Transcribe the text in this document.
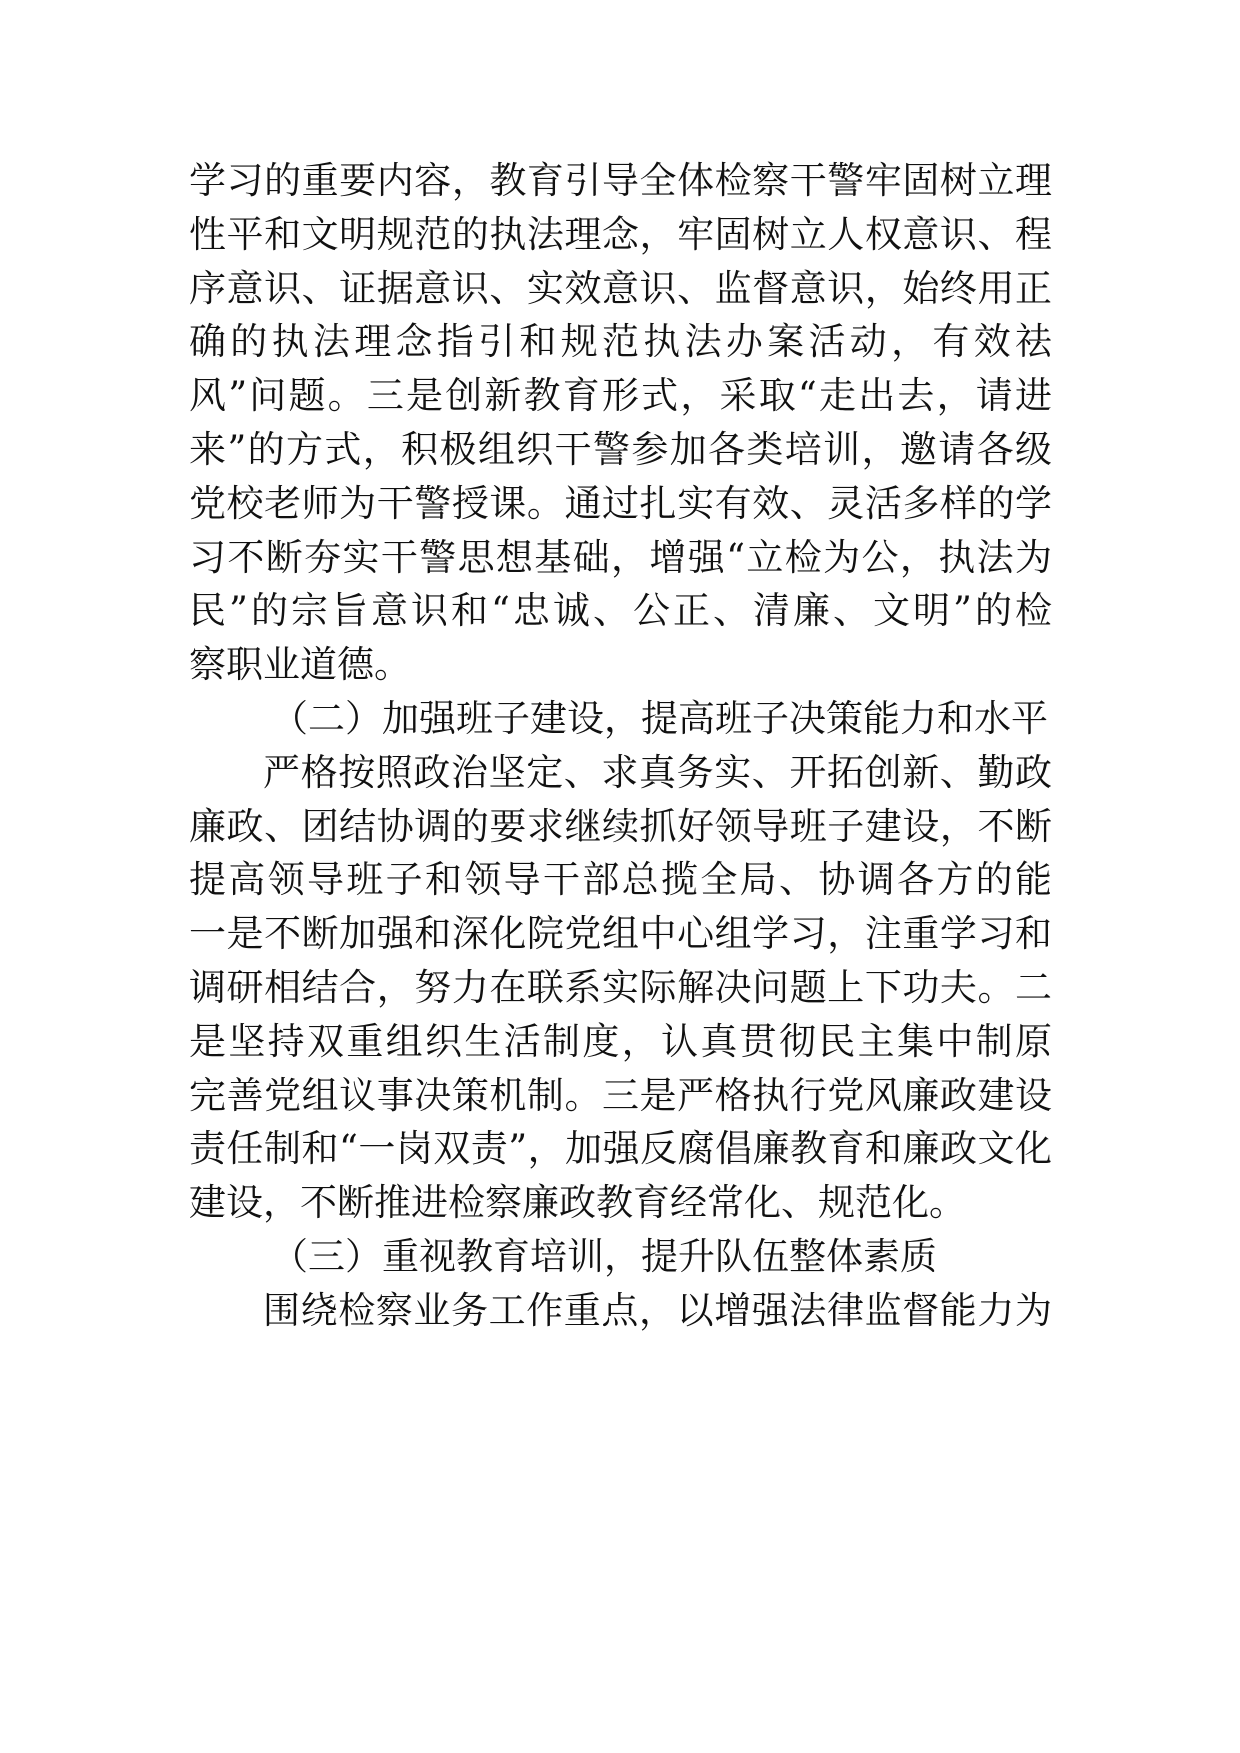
学习的重要内容，教育引导全体检察干警牢固树立理
性平和文明规范的执法理念，牢固树立人权意识、程
序意识、证据意识、实效意识、监督意识，始终用正
确的执法理念指引和规范执法办案活动，有效祛
风”问题。三是创新教育形式，采取“走出去，请进
来”的方式，积极组织干警参加各类培训，邀请各级
党校老师为干警授课。通过扎实有效、灵活多样的学
习不断夯实干警思想基础，增强“立检为公，执法为
民”的宗旨意识和“忠诚、公正、清廉、文明”的检
察职业道德。
（二）加强班子建设，提高班子决策能力和水平
严格按照政治坚定、求真务实、开拓创新、勤政
廉政、团结协调的要求继续抓好领导班子建设，不断
提高领导班子和领导干部总揽全局、协调各方的能
一是不断加强和深化院党组中心组学习，注重学习和
调研相结合，努力在联系实际解决问题上下功夫。二
是坚持双重组织生活制度，认真贯彻民主集中制原
完善党组议事决策机制。三是严格执行党风廉政建设
责任制和“一岗双责”，加强反腐倡廉教育和廉政文化
建设，不断推进检察廉政教育经常化、规范化。
（三）重视教育培训，提升队伍整体素质
围绕检察业务工作重点，以增强法律监督能力为
